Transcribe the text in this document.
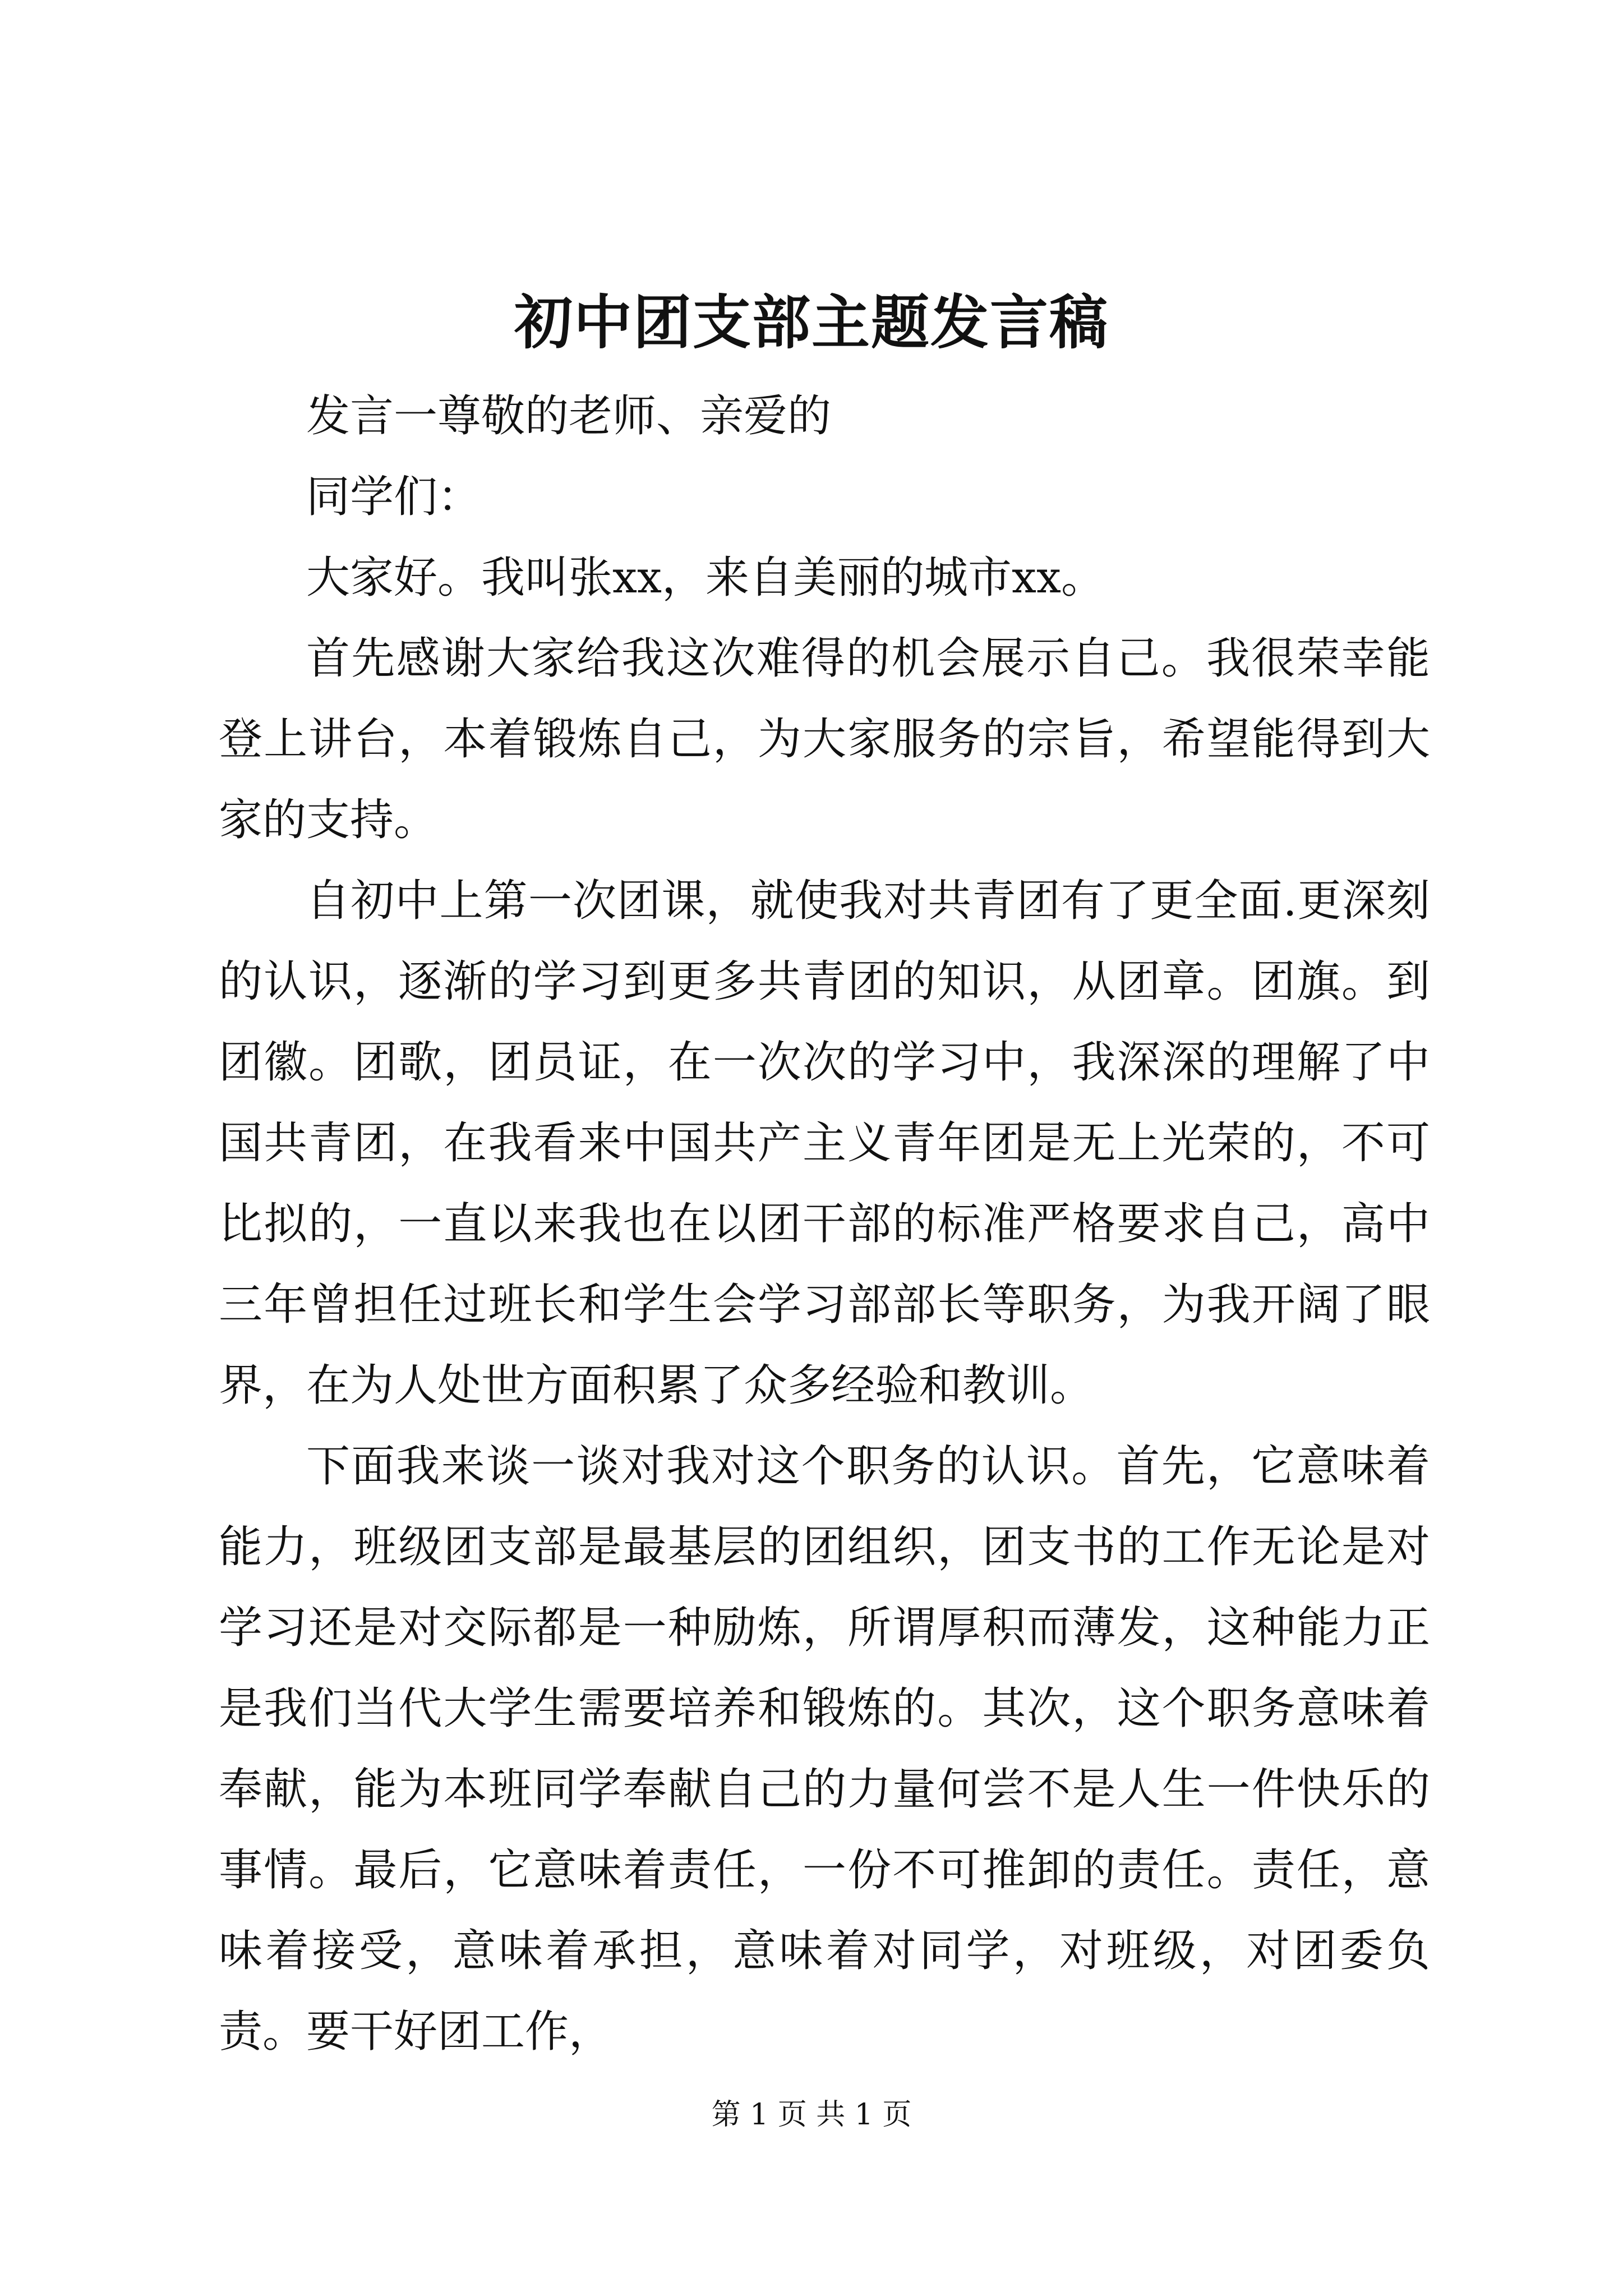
初中团支部主题发言稿

发言一尊敬的老师、亲爱的

同学们：

大家好。我叫张xx，来自美丽的城市xx。

首先感谢大家给我这次难得的机会展示自己。我很荣幸能登上讲台，本着锻炼自己，为大家服务的宗旨，希望能得到大家的支持。

自初中上第一次团课，就使我对共青团有了更全面.更深刻的认识，逐渐的学习到更多共青团的知识，从团章。团旗。到团徽。团歌，团员证，在一次次的学习中，我深深的理解了中国共青团，在我看来中国共产主义青年团是无上光荣的，不可比拟的，一直以来我也在以团干部的标准严格要求自己，高中三年曾担任过班长和学生会学习部部长等职务，为我开阔了眼界，在为人处世方面积累了众多经验和教训。

下面我来谈一谈对我对这个职务的认识。首先，它意味着能力，班级团支部是最基层的团组织，团支书的工作无论是对学习还是对交际都是一种励炼，所谓厚积而薄发，这种能力正是我们当代大学生需要培养和锻炼的。其次，这个职务意味着奉献，能为本班同学奉献自己的力量何尝不是人生一件快乐的事情。最后，它意味着责任，一份不可推卸的责任。责任，意味着接受，意味着承担，意味着对同学，对班级，对团委负责。要干好团工作，

第 1 页 共 1 页
